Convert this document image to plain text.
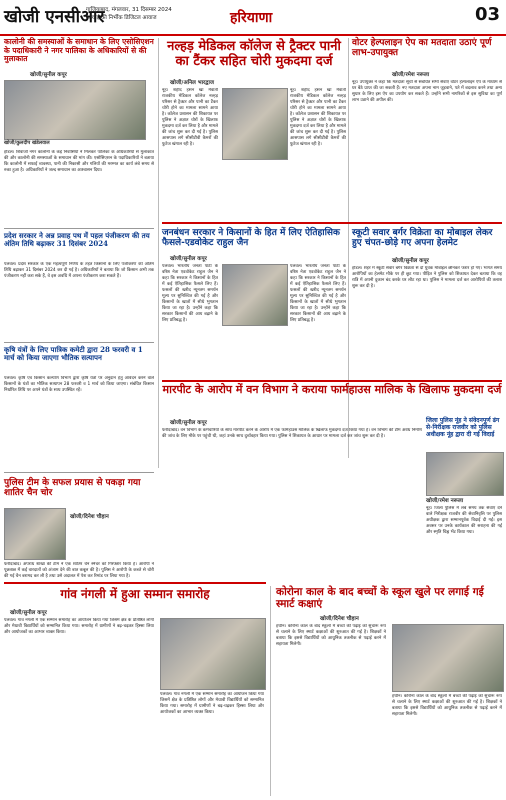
खोजी एनसीआर
गाजियाबाद, मंगलवार, 31 दिसम्बर 2024
सच्चाई की निर्भीक डिजिटल आवाज	हरियाणा	03
कालोनी की समस्याओं के समाधान के लिए एसोसिएशन के पदाधिकारी ने नगर पालिका के अधिकारियों से की मुलाकात
खोजी/सुनील कपूर
खोजी/कुलदीप खंडेलवाल
होडल। शिवाजी नगर कालोनी के कई निवासियों ने मिलकर पालिका के अधिकारियों से मुलाकात की और कालोनी की समस्याओं के समाधान की मांग की। एसोसिएशन के पदाधिकारियों ने बताया कि कालोनी में सफाई व्यवस्था, पानी की निकासी और गलियों की मरम्मत का कार्य लंबे समय से रुका हुआ है। अधिकारियों ने जल्द समाधान का आश्वासन दिया।
प्रदेश सरकार ने अन्न प्रवाह पथ में पहल पंजीकरण की तय अंतिम तिथि बढ़ाकर 31 दिसंबर 2024
पलवल। प्रदेश सरकार के एक महत्वपूर्ण निर्णय के तहत किसानों के लिए पंजीकरण की अंतिम तिथि बढ़ाकर 31 दिसंबर 2024 कर दी गई है। अधिकारियों ने बताया कि जो किसान अभी तक पंजीकरण नहीं करा सके हैं, वे इस अवधि में अपना पंजीकरण करा सकते हैं।
कृषि यंत्रों के लिए पात्रिक कमेटी द्वारा 28 फरवरी व 1 मार्च को किया जाएगा भौतिक सत्यापन
पलवल। कृषि एवं किसान कल्याण विभाग द्वारा कृषि यंत्रों पर अनुदान हेतु आवेदन करने वाले किसानों के यंत्रों का भौतिक सत्यापन 28 फरवरी व 1 मार्च को किया जाएगा। संबंधित किसान निर्धारित तिथि पर अपने यंत्रों के साथ उपस्थित रहें।
वोटर हेल्पलाइन ऐप का मतदाता उठाएं पूर्ण लाभ-उपायुक्त
खोजी/रमेश नरूला
नूंह। उपायुक्त ने कहा कि मतदाता सूची से संबंधित सभी सेवाएं वोटर हेल्पलाइन ऐप के माध्यम से घर बैठे प्राप्त की जा सकती हैं। नए मतदाता अपना नाम जुड़वाने, पते में बदलाव करने तथा अन्य सुधार के लिए इस ऐप का उपयोग कर सकते हैं। उन्होंने सभी नागरिकों से इस सुविधा का पूर्ण लाभ उठाने की अपील की।
नल्हड़ मेडिकल कॉलेज से ट्रैक्टर पानी का टैंकर सहित चोरी मुकदमा दर्ज
खोजी/अनिल भारद्वाज
नूंह। शहीद हसन खां मेवाती राजकीय मेडिकल कॉलेज नल्हड़ परिसर से ट्रैक्टर और पानी का टैंकर चोरी होने का मामला सामने आया है। कॉलेज प्रशासन की शिकायत पर पुलिस ने अज्ञात चोरों के खिलाफ मुकदमा दर्ज कर लिया है और मामले की जांच शुरू कर दी गई है। पुलिस आसपास लगे सीसीटीवी कैमरों की फुटेज खंगाल रही है।
नूंह। शहीद हसन खां मेवाती राजकीय मेडिकल कॉलेज नल्हड़ परिसर से ट्रैक्टर और पानी का टैंकर चोरी होने का मामला सामने आया है। कॉलेज प्रशासन की शिकायत पर पुलिस ने अज्ञात चोरों के खिलाफ मुकदमा दर्ज कर लिया है और मामले की जांच शुरू कर दी गई है। पुलिस आसपास लगे सीसीटीवी कैमरों की फुटेज खंगाल रही है।
जनबंधन सरकार ने किसानों के हित में लिए ऐतिहासिक फैसले-एडवोकेट राहुल जैन
खोजी/सुनील कपूर
पलवल। भारतीय जनता पार्टी के वरिष्ठ नेता एडवोकेट राहुल जैन ने कहा कि सरकार ने किसानों के हित में कई ऐतिहासिक फैसले लिए हैं। फसलों की खरीद न्यूनतम समर्थन मूल्य पर सुनिश्चित की गई है और किसानों के खातों में सीधे भुगतान किया जा रहा है। उन्होंने कहा कि सरकार किसानों की आय बढ़ाने के लिए प्रतिबद्ध है।
पलवल। भारतीय जनता पार्टी के वरिष्ठ नेता एडवोकेट राहुल जैन ने कहा कि सरकार ने किसानों के हित में कई ऐतिहासिक फैसले लिए हैं। फसलों की खरीद न्यूनतम समर्थन मूल्य पर सुनिश्चित की गई है और किसानों के खातों में सीधे भुगतान किया जा रहा है। उन्होंने कहा कि सरकार किसानों की आय बढ़ाने के लिए प्रतिबद्ध है।
स्कूटी सवार बर्गर विक्रेता का मोबाइल लेकर हुए चंपत-छोड़े गए अपना हेलमेट
खोजी/सुनील कपूर
होडल। शहर में स्कूटी सवार बर्गर विक्रेता से दो युवक मोबाइल छीनकर फरार हो गए। भागते समय आरोपियों का हेलमेट मौके पर ही छूट गया। पीड़ित ने पुलिस को शिकायत देकर बताया कि वह रात्रि में अपनी दुकान बंद करके घर लौट रहा था। पुलिस ने मामला दर्ज कर आरोपियों की तलाश शुरू कर दी है।
मारपीट के आरोप में वन विभाग ने कराया फार्महाउस मालिक के खिलाफ मुकदमा दर्ज
खोजी/सुनील कपूर
फरीदाबाद। वन विभाग के कर्मचारियों के साथ मारपीट करने के आरोप में एक फार्महाउस मालिक के खिलाफ मुकदमा दर्ज किया गया है। वन विभाग की टीम अवैध निर्माण की जांच के लिए मौके पर पहुंची थी, जहां उनके साथ दुर्व्यवहार किया गया। पुलिस ने शिकायत के आधार पर मामला दर्ज कर जांच शुरू कर दी है।
जिला पुलिस नूंह ने संवेदनपूर्ण ढंग से-निरीक्षक राजवीर को पुलिस अधीक्षक नूंह द्वारा दी गई विदाई
खोजी/रमेश नरूला
नूंह। जिला पुलिस में लंबे समय तक सेवाएं देने वाले निरीक्षक राजवीर की सेवानिवृत्ति पर पुलिस अधीक्षक द्वारा सम्मानपूर्वक विदाई दी गई। इस अवसर पर उनके कार्यकाल की सराहना की गई और स्मृति चिह्न भेंट किया गया।
पुलिस टीम के सफल प्रयास से पकड़ा गया शातिर चैन चोर
खोजी/दिनेश चौहान
फरीदाबाद। अपराध शाखा की टीम ने एक शातिर चैन स्नैचर को गिरफ्तार किया है। आरोपी ने पूछताछ में कई वारदातों को अंजाम देने की बात कबूल की है। पुलिस ने आरोपी के कब्जे से चोरी की गई चैन बरामद कर ली है तथा उसे अदालत में पेश कर रिमांड पर लिया गया है।
गांव नंगली में हुआ सम्मान समारोह
खोजी/सुनील कपूर
पलवल। गांव नंगली में एक सम्मान समारोह का आयोजन किया गया जिसमें क्षेत्र के प्रतिष्ठित लोगों और मेधावी विद्यार्थियों को सम्मानित किया गया। समारोह में ग्रामीणों ने बढ़-चढ़कर हिस्सा लिया और आयोजकों का आभार व्यक्त किया।
पलवल। गांव नंगली में एक सम्मान समारोह का आयोजन किया गया जिसमें क्षेत्र के प्रतिष्ठित लोगों और मेधावी विद्यार्थियों को सम्मानित किया गया। समारोह में ग्रामीणों ने बढ़-चढ़कर हिस्सा लिया और आयोजकों का आभार व्यक्त किया।
कोरोना काल के बाद बच्चों के स्कूल खुले पर लगाई गई स्मार्ट कक्षाएं
खोजी/दिनेश चौहान
हथीन। कोरोना काल के बाद स्कूलों में बच्चों की पढ़ाई को सुचारू रूप से चलाने के लिए स्मार्ट कक्षाओं की शुरुआत की गई है। शिक्षकों ने बताया कि इससे विद्यार्थियों को आधुनिक तकनीक से पढ़ाई करने में सहायता मिलेगी।
हथीन। कोरोना काल के बाद स्कूलों में बच्चों की पढ़ाई को सुचारू रूप से चलाने के लिए स्मार्ट कक्षाओं की शुरुआत की गई है। शिक्षकों ने बताया कि इससे विद्यार्थियों को आधुनिक तकनीक से पढ़ाई करने में सहायता मिलेगी।
